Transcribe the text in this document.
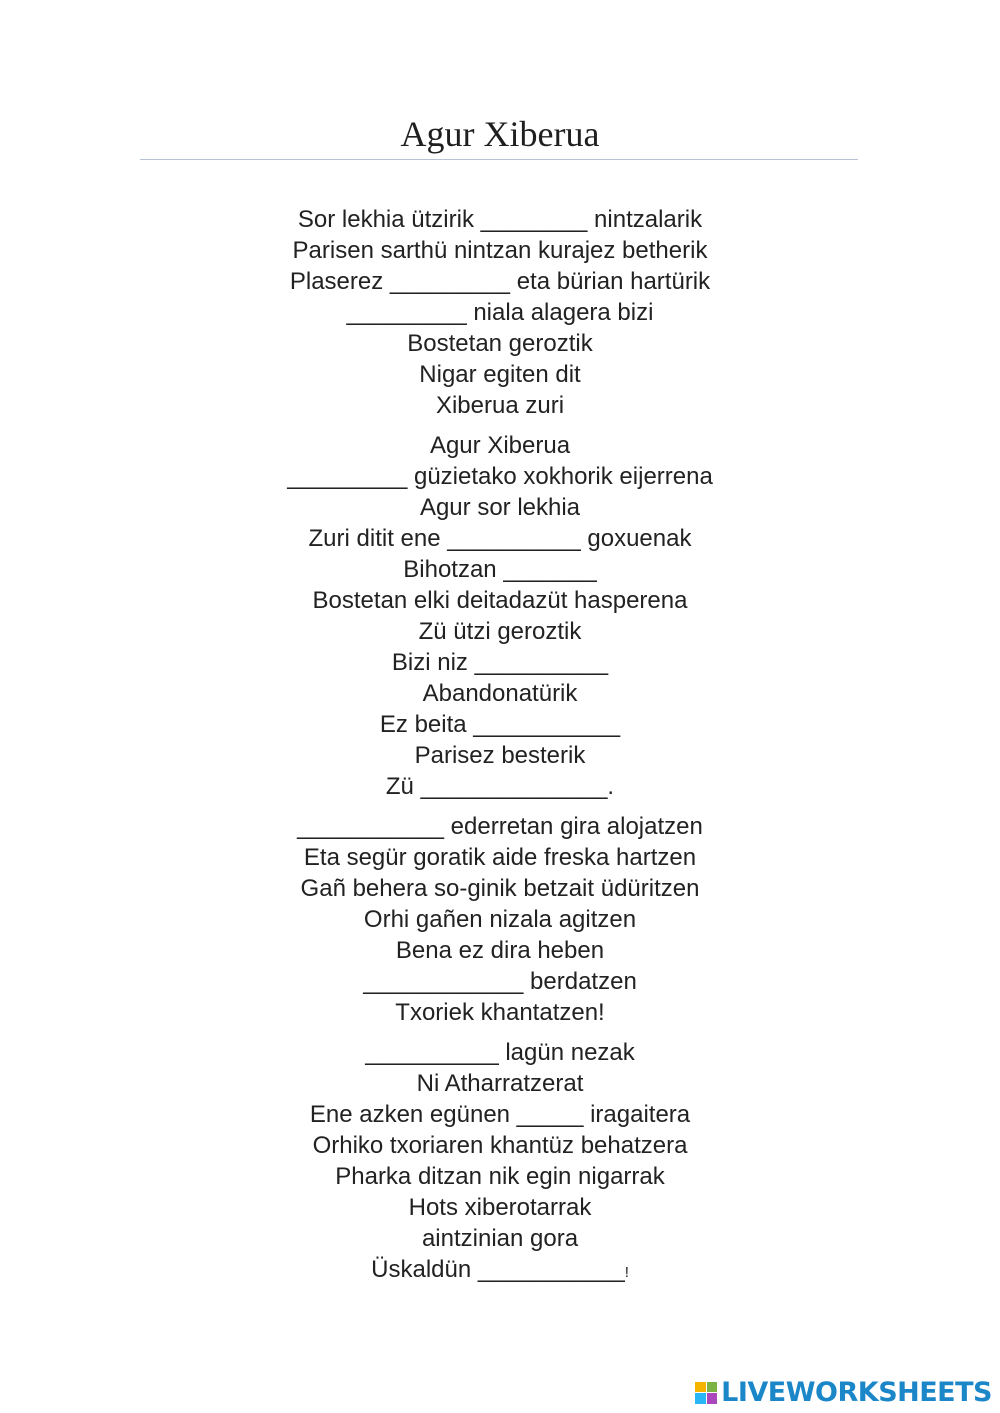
Agur Xiberua
Sor lekhia ützirik ________ nintzalarik
Parisen sarthü nintzan kurajez betherik
Plaserez _________ eta bürian hartürik
_________ niala alagera bizi
Bostetan geroztik
Nigar egiten dit
Xiberua zuri
Agur Xiberua
_________ güzietako xokhorik eijerrena
Agur sor lekhia
Zuri ditit ene __________ goxuenak
Bihotzan _______
Bostetan elki deitadazüt hasperena
Zü ützi geroztik
Bizi niz __________
Abandonatürik
Ez beita ___________
Parisez besterik
Zü ______________.
___________ ederretan gira alojatzen
Eta segür goratik aide freska hartzen
Gañ behera so-ginik betzait üdüritzen
Orhi gañen nizala agitzen
Bena ez dira heben
____________ berdatzen
Txoriek khantatzen!
__________ lagün nezak
Ni Atharratzerat
Ene azken egünen _____ iragaitera
Orhiko txoriaren khantüz behatzera
Pharka ditzan nik egin nigarrak
Hots xiberotarrak
aintzinian gora
Üskaldün ___________!
LIVEWORKSHEETS
